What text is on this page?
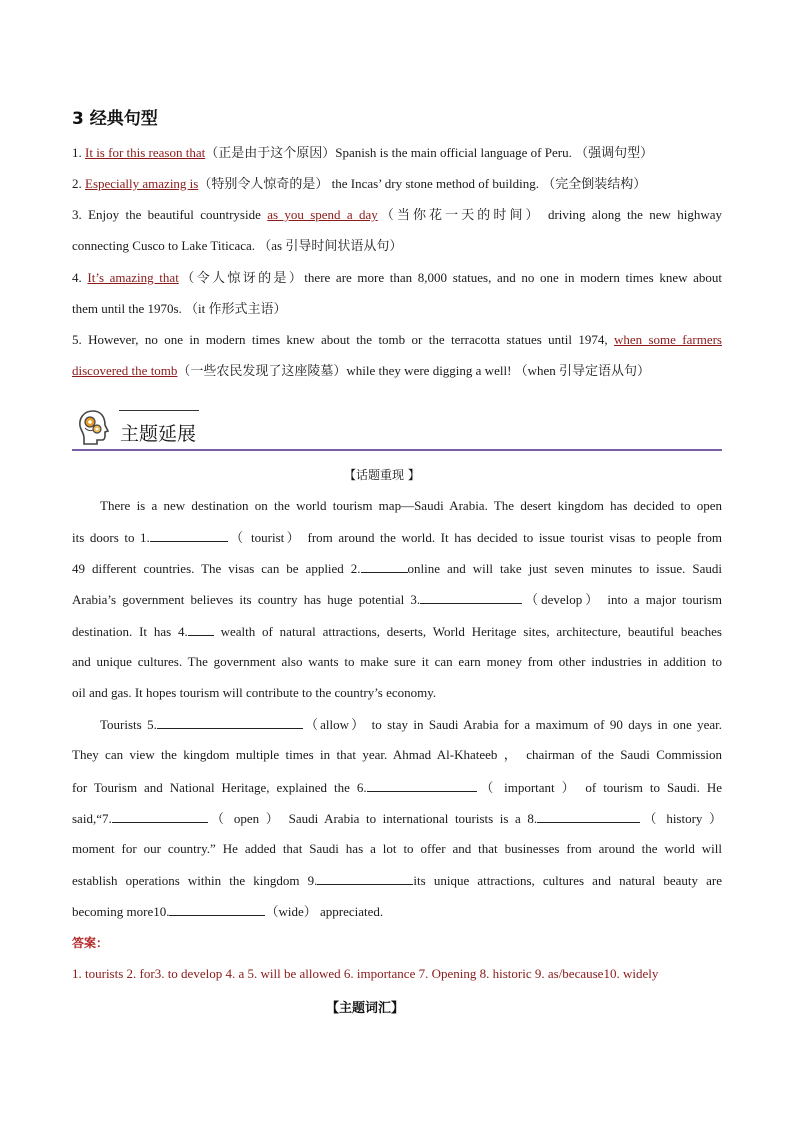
3 经典句型
1. It is for this reason that（正是由于这个原因）Spanish is the main official language of Peru. （强调句型）
2. Especially amazing is（特别令人惊奇的是） the Incas’ dry stone method of building. （完全倒装结构）
3. Enjoy the beautiful countryside as you spend a day（当你花一天的时间） driving along the new highway
connecting Cusco to Lake Titicaca. （as 引导时间状语从句）
4. It’s amazing that（令人惊讶的是）there are more than 8,000 statues, and no one in modern times knew about
them until the 1970s. （it 作形式主语）
5. However, no one in modern times knew about the tomb or the terracotta statues until 1974, when some farmers
discovered the tomb（一些农民发现了这座陵墓）while they were digging a well! （when 引导定语从句）
主题延展
【话题重现 】
There is a new destination on the world tourism map—Saudi Arabia. The desert kingdom has decided to open
its doors to 1.	（ tourist） from around the world. It has decided to issue tourist visas to people from
49 different countries. The visas can be applied 2.	online and will take just seven minutes to issue. Saudi
Arabia’s government believes its country has huge potential 3.	（develop） into a major tourism
destination. It has 4. wealth of natural attractions, deserts, World Heritage sites, architecture, beautiful beaches
and unique cultures. The government also wants to make sure it can earn money from other industries in addition to
oil and gas. It hopes tourism will contribute to the country’s economy.
Tourists 5.	（allow） to stay in Saudi Arabia for a maximum of 90 days in one year.
They can view the kingdom multiple times in that year. Ahmad Al-Khateeb ， chairman of the Saudi Commission
for Tourism and National Heritage, explained the 6.	（ important ） of tourism to Saudi. He
said,“7.	（ open ） Saudi Arabia to international tourists is a 8.	（ history ）
moment for our country.” He added that Saudi has a lot to offer and that businesses from around the world will
establish operations within the kingdom 9.	its unique attractions, cultures and natural beauty are
becoming more10.	（wide） appreciated.
答案：
1. tourists 2. for3. to develop 4. a 5. will be allowed 6. importance 7. Opening 8. historic 9. as/because10. widely
【主题词汇】
